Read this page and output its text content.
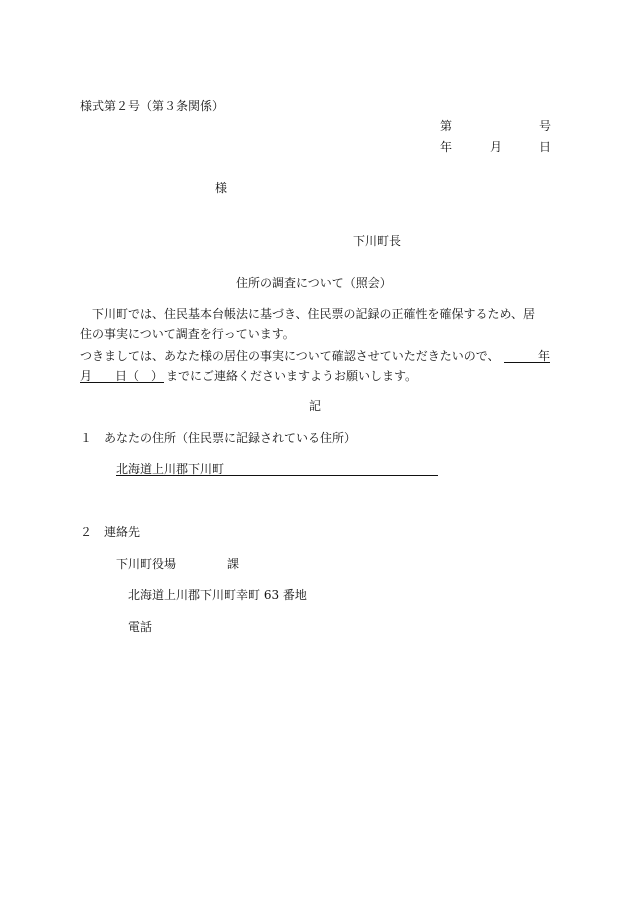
様式第２号（第３条関係）
第	号
年	月	日
様
下川町長
住所の調査について（照会）
下川町では、住民基本台帳法に基づき、住民票の記録の正確性を確保するため、居
住の事実について調査を行っています。
つきましては、あなた様の居住の事実について確認させていただきたいので、	年
月 日（　） までにご連絡くださいますようお願いします。
記
１　あなたの住所（住民票に記録されている住所）
北海道上川郡下川町
２　連絡先
下川町役場	課
北海道上川郡下川町幸町 63 番地
電話
